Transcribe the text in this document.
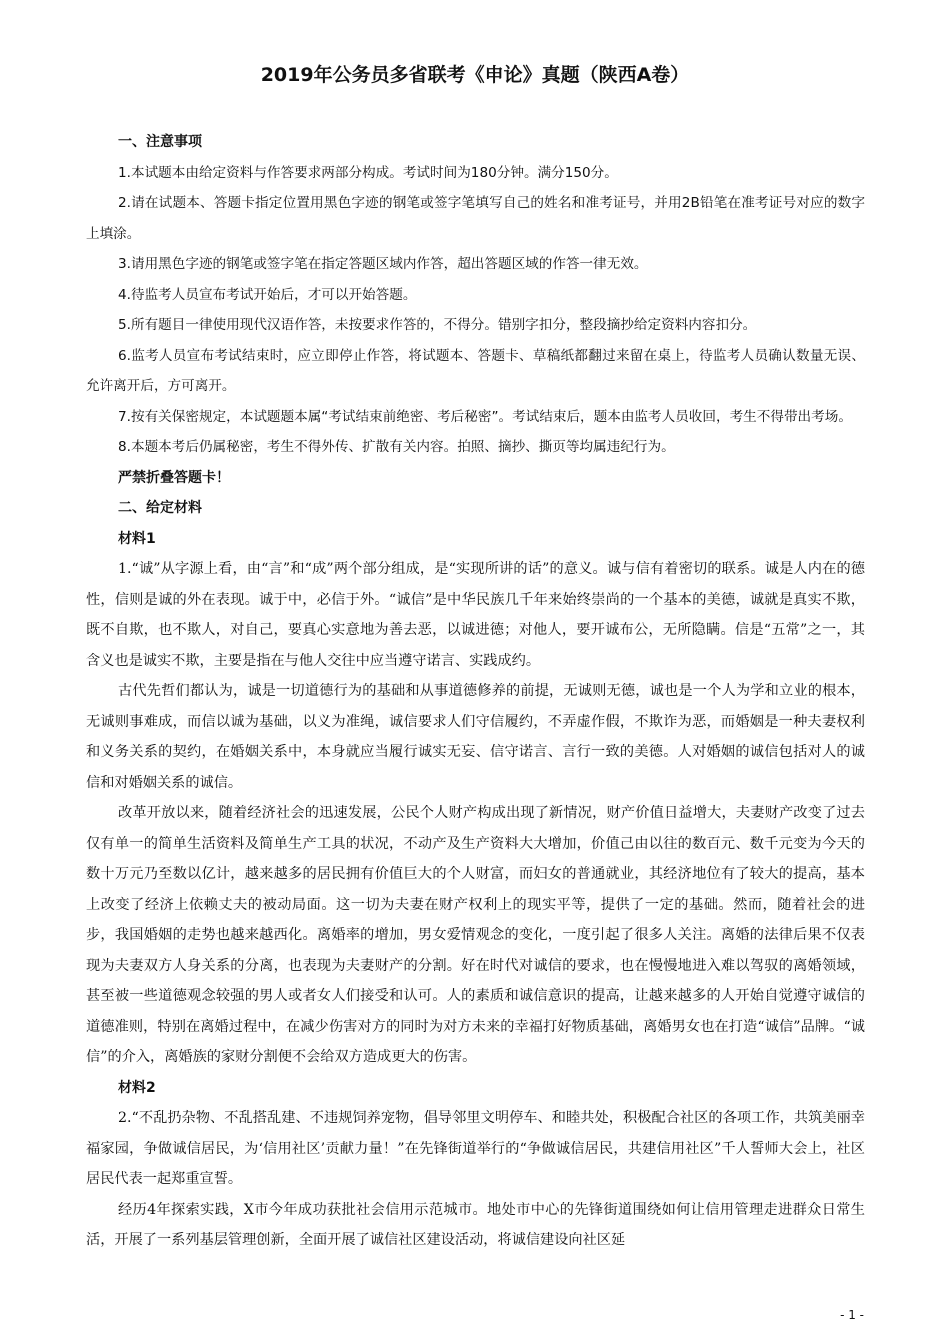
2019年公务员多省联考《申论》真题（陕西A卷）

一、注意事项

1.本试题本由给定资料与作答要求两部分构成。考试时间为180分钟。满分150分。

2.请在试题本、答题卡指定位置用黑色字迹的钢笔或签字笔填写自己的姓名和准考证号，并用2B铅笔在准考证号对应的数字上填涂。

3.请用黑色字迹的钢笔或签字笔在指定答题区域内作答，超出答题区域的作答一律无效。

4.待监考人员宣布考试开始后，才可以开始答题。

5.所有题目一律使用现代汉语作答，未按要求作答的，不得分。错别字扣分，整段摘抄给定资料内容扣分。

6.监考人员宣布考试结束时，应立即停止作答，将试题本、答题卡、草稿纸都翻过来留在桌上，待监考人员确认数量无误、允许离开后，方可离开。

7.按有关保密规定，本试题题本属“考试结束前绝密、考后秘密”。考试结束后，题本由监考人员收回，考生不得带出考场。

8.本题本考后仍属秘密，考生不得外传、扩散有关内容。拍照、摘抄、撕页等均属违纪行为。

严禁折叠答题卡！

二、给定材料

材料1

1.“诚”从字源上看，由“言”和“成”两个部分组成，是“实现所讲的话”的意义。诚与信有着密切的联系。诚是人内在的德性，信则是诚的外在表现。诚于中，必信于外。“诚信”是中华民族几千年来始终崇尚的一个基本的美德，诚就是真实不欺，既不自欺，也不欺人，对自己，要真心实意地为善去恶，以诚进德；对他人，要开诚布公，无所隐瞒。信是“五常”之一，其含义也是诚实不欺，主要是指在与他人交往中应当遵守诺言、实践成约。

古代先哲们都认为，诚是一切道德行为的基础和从事道德修养的前提，无诚则无德，诚也是一个人为学和立业的根本，无诚则事难成，而信以诚为基础，以义为准绳，诚信要求人们守信履约，不弄虚作假，不欺诈为恶，而婚姻是一种夫妻权利和义务关系的契约，在婚姻关系中，本身就应当履行诚实无妄、信守诺言、言行一致的美德。人对婚姻的诚信包括对人的诚信和对婚姻关系的诚信。

改革开放以来，随着经济社会的迅速发展，公民个人财产构成出现了新情况，财产价值日益增大，夫妻财产改变了过去仅有单一的简单生活资料及简单生产工具的状况，不动产及生产资料大大增加，价值己由以往的数百元、数千元变为今天的数十万元乃至数以亿计，越来越多的居民拥有价值巨大的个人财富，而妇女的普通就业，其经济地位有了较大的提高，基本上改变了经济上依赖丈夫的被动局面。这一切为夫妻在财产权利上的现实平等，提供了一定的基础。然而，随着社会的进步，我国婚姻的走势也越来越西化。离婚率的增加，男女爱情观念的变化，一度引起了很多人关注。离婚的法律后果不仅表现为夫妻双方人身关系的分离，也表现为夫妻财产的分割。好在时代对诚信的要求，也在慢慢地进入难以驾驭的离婚领域，甚至被一些道德观念较强的男人或者女人们接受和认可。人的素质和诚信意识的提高，让越来越多的人开始自觉遵守诚信的道德准则，特别在离婚过程中，在减少伤害对方的同时为对方未来的幸福打好物质基础，离婚男女也在打造“诚信”品牌。“诚信”的介入，离婚族的家财分割便不会给双方造成更大的伤害。

材料2

2.“不乱扔杂物、不乱搭乱建、不违规饲养宠物，倡导邻里文明停车、和睦共处，积极配合社区的各项工作，共筑美丽幸福家园，争做诚信居民，为‘信用社区’贡献力量！”在先锋街道举行的“争做诚信居民，共建信用社区”千人誓师大会上，社区居民代表一起郑重宣誓。

经历4年探索实践，X市今年成功获批社会信用示范城市。地处市中心的先锋街道围绕如何让信用管理走进群众日常生活，开展了一系列基层管理创新，全面开展了诚信社区建设活动，将诚信建设向社区延

- 1 -
